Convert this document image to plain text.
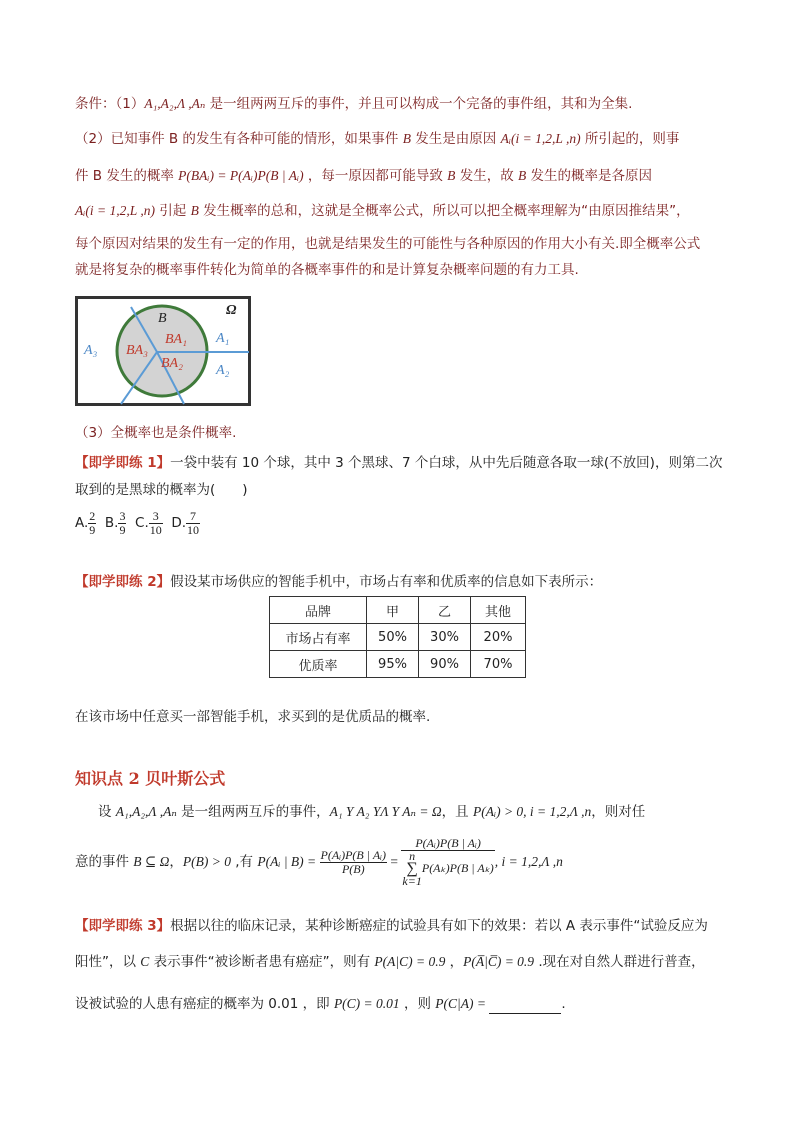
条件：（1）A₁,A₂,Λ ,Aₙ 是一组两两互斥的事件，并且可以构成一个完备的事件组，其和为全集.
（2）已知事件 B 的发生有各种可能的情形，如果事件 B 发生是由原因 Aᵢ(i = 1,2,L ,n) 所引起的，则事
件 B 发生的概率 P(BAᵢ) = P(Aᵢ)P(B | Aᵢ) ，每一原因都可能导致 B 发生，故 B 发生的概率是各原因
Aᵢ(i = 1,2,L ,n) 引起 B 发生概率的总和，这就是全概率公式，所以可以把全概率理解为“由原因推结果”，
每个原因对结果的发生有一定的作用，也就是结果发生的可能性与各种原因的作用大小有关.即全概率公式
就是将复杂的概率事件转化为简单的各概率事件的和是计算复杂概率问题的有力工具.
Ω
B
BA₁
BA₂
BA₃
A₁
A₂
A₃
（3）全概率也是条件概率.
【即学即练 1】一袋中装有 10 个球，其中 3 个黑球、7 个白球，从中先后随意各取一球(不放回)，则第二次
取到的是黑球的概率为(　　)
A. $\frac{2}{9} B$. $\frac{3}{9} C$. $\frac{3}{10} D$. $\frac{7}{10}$
【即学即练 2】假设某市场供应的智能手机中，市场占有率和优质率的信息如下表所示：
品牌	甲	乙	其他
市场占有率	50%	30%	20%
优质率	95%	90%	70%
在该市场中任意买一部智能手机，求买到的是优质品的概率.
知识点 2 贝叶斯公式
设 A₁,A₂,Λ ,Aₙ 是一组两两互斥的事件，A₁ Y A₂ YΛ Y Aₙ = Ω，且 P(Aᵢ) > 0, i = 1,2,Λ ,n，则对任
意的事件 B ⊆ Ω，P(B) > 0 ,有 P(Aᵢ | $B) = \frac{\text{P(Aᵢ)P(B | Aᵢ)}}{P(B)}$ = P(Aᵢ)P(B | Aᵢ)
n
∑
k=1
P(Aₖ)P(B | Aₖ) , i = 1,2,Λ ,n
【即学即练 3】根据以往的临床记录，某种诊断癌症的试验具有如下的效果：若以 A 表示事件“试验反应为
阳性”，以 C 表示事件“被诊断者患有癌症”，则有 P(A|C) = 0.9 ，P(A̅|C̅) = 0.9 .现在对自然人群进行普查，
设被试验的人患有癌症的概率为 0.01 ，即 P(C) = 0.01 ，则 P(C|A) =	.
